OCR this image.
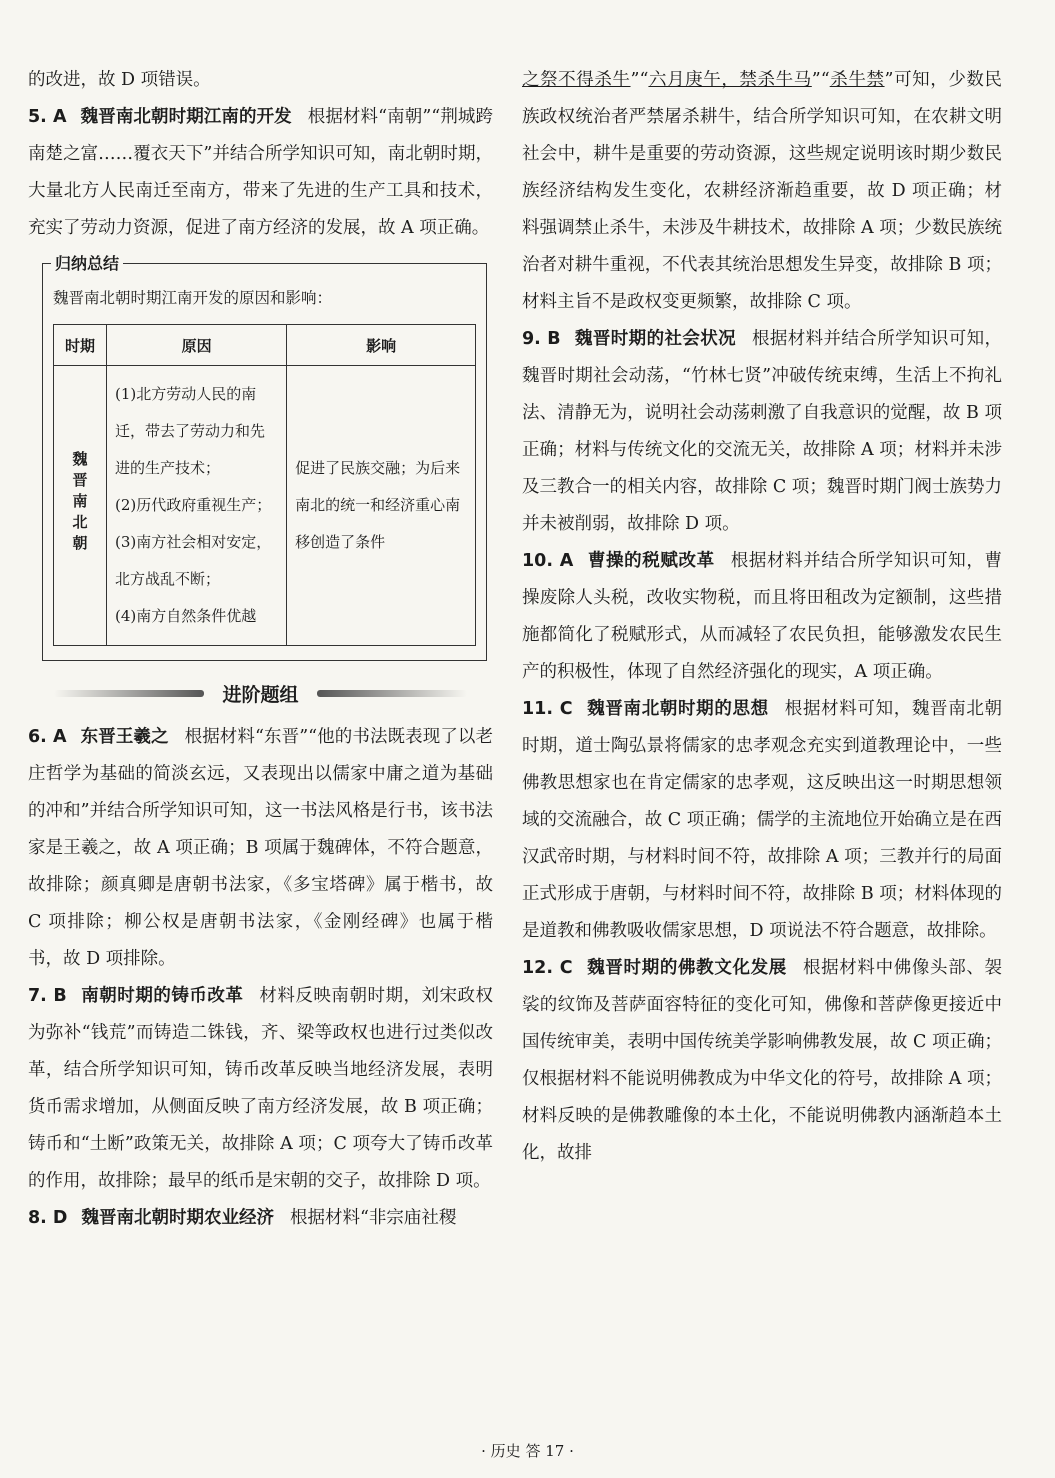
的改进，故 D 项错误。

5. A 魏晋南北朝时期江南的开发 根据材料“南朝”“荆城跨南楚之富……覆衣天下”并结合所学知识可知，南北朝时期，大量北方人民南迁至南方，带来了先进的生产工具和技术，充实了劳动力资源，促进了南方经济的发展，故 A 项正确。

归纳总结
魏晋南北朝时期江南开发的原因和影响：
时期	原因	影响
魏晋南北朝	(1)北方劳动人民的南迁，带去了劳动力和先进的生产技术；
(2)历代政府重视生产；
(3)南方社会相对安定，北方战乱不断；
(4)南方自然条件优越	促进了民族交融；为后来南北的统一和经济重心南移创造了条件
进阶题组

6. A 东晋王羲之 根据材料“东晋”“他的书法既表现了以老庄哲学为基础的简淡玄远，又表现出以儒家中庸之道为基础的冲和”并结合所学知识可知，这一书法风格是行书，该书法家是王羲之，故 A 项正确；B 项属于魏碑体，不符合题意，故排除；颜真卿是唐朝书法家，《多宝塔碑》属于楷书，故 C 项排除；柳公权是唐朝书法家，《金刚经碑》也属于楷书，故 D 项排除。

7. B 南朝时期的铸币改革 材料反映南朝时期，刘宋政权为弥补“钱荒”而铸造二铢钱，齐、梁等政权也进行过类似改革，结合所学知识可知，铸币改革反映当地经济发展，表明货币需求增加，从侧面反映了南方经济发展，故 B 项正确；铸币和“土断”政策无关，故排除 A 项；C 项夸大了铸币改革的作用，故排除；最早的纸币是宋朝的交子，故排除 D 项。

8. D 魏晋南北朝时期农业经济 根据材料“非宗庙社稷

之祭不得杀牛”“六月庚午，禁杀牛马”“杀牛禁”可知，少数民族政权统治者严禁屠杀耕牛，结合所学知识可知，在农耕文明社会中，耕牛是重要的劳动资源，这些规定说明该时期少数民族经济结构发生变化，农耕经济渐趋重要，故 D 项正确；材料强调禁止杀牛，未涉及牛耕技术，故排除 A 项；少数民族统治者对耕牛重视，不代表其统治思想发生异变，故排除 B 项；材料主旨不是政权变更频繁，故排除 C 项。

9. B 魏晋时期的社会状况 根据材料并结合所学知识可知，魏晋时期社会动荡，“竹林七贤”冲破传统束缚，生活上不拘礼法、清静无为，说明社会动荡刺激了自我意识的觉醒，故 B 项正确；材料与传统文化的交流无关，故排除 A 项；材料并未涉及三教合一的相关内容，故排除 C 项；魏晋时期门阀士族势力并未被削弱，故排除 D 项。

10. A 曹操的税赋改革 根据材料并结合所学知识可知，曹操废除人头税，改收实物税，而且将田租改为定额制，这些措施都简化了税赋形式，从而减轻了农民负担，能够激发农民生产的积极性，体现了自然经济强化的现实，A 项正确。

11. C 魏晋南北朝时期的思想 根据材料可知，魏晋南北朝时期，道士陶弘景将儒家的忠孝观念充实到道教理论中，一些佛教思想家也在肯定儒家的忠孝观，这反映出这一时期思想领域的交流融合，故 C 项正确；儒学的主流地位开始确立是在西汉武帝时期，与材料时间不符，故排除 A 项；三教并行的局面正式形成于唐朝，与材料时间不符，故排除 B 项；材料体现的是道教和佛教吸收儒家思想，D 项说法不符合题意，故排除。

12. C 魏晋时期的佛教文化发展 根据材料中佛像头部、袈裟的纹饰及菩萨面容特征的变化可知，佛像和菩萨像更接近中国传统审美，表明中国传统美学影响佛教发展，故 C 项正确；仅根据材料不能说明佛教成为中华文化的符号，故排除 A 项；材料反映的是佛教雕像的本土化，不能说明佛教内涵渐趋本土化，故排

· 历史 答 17 ·
